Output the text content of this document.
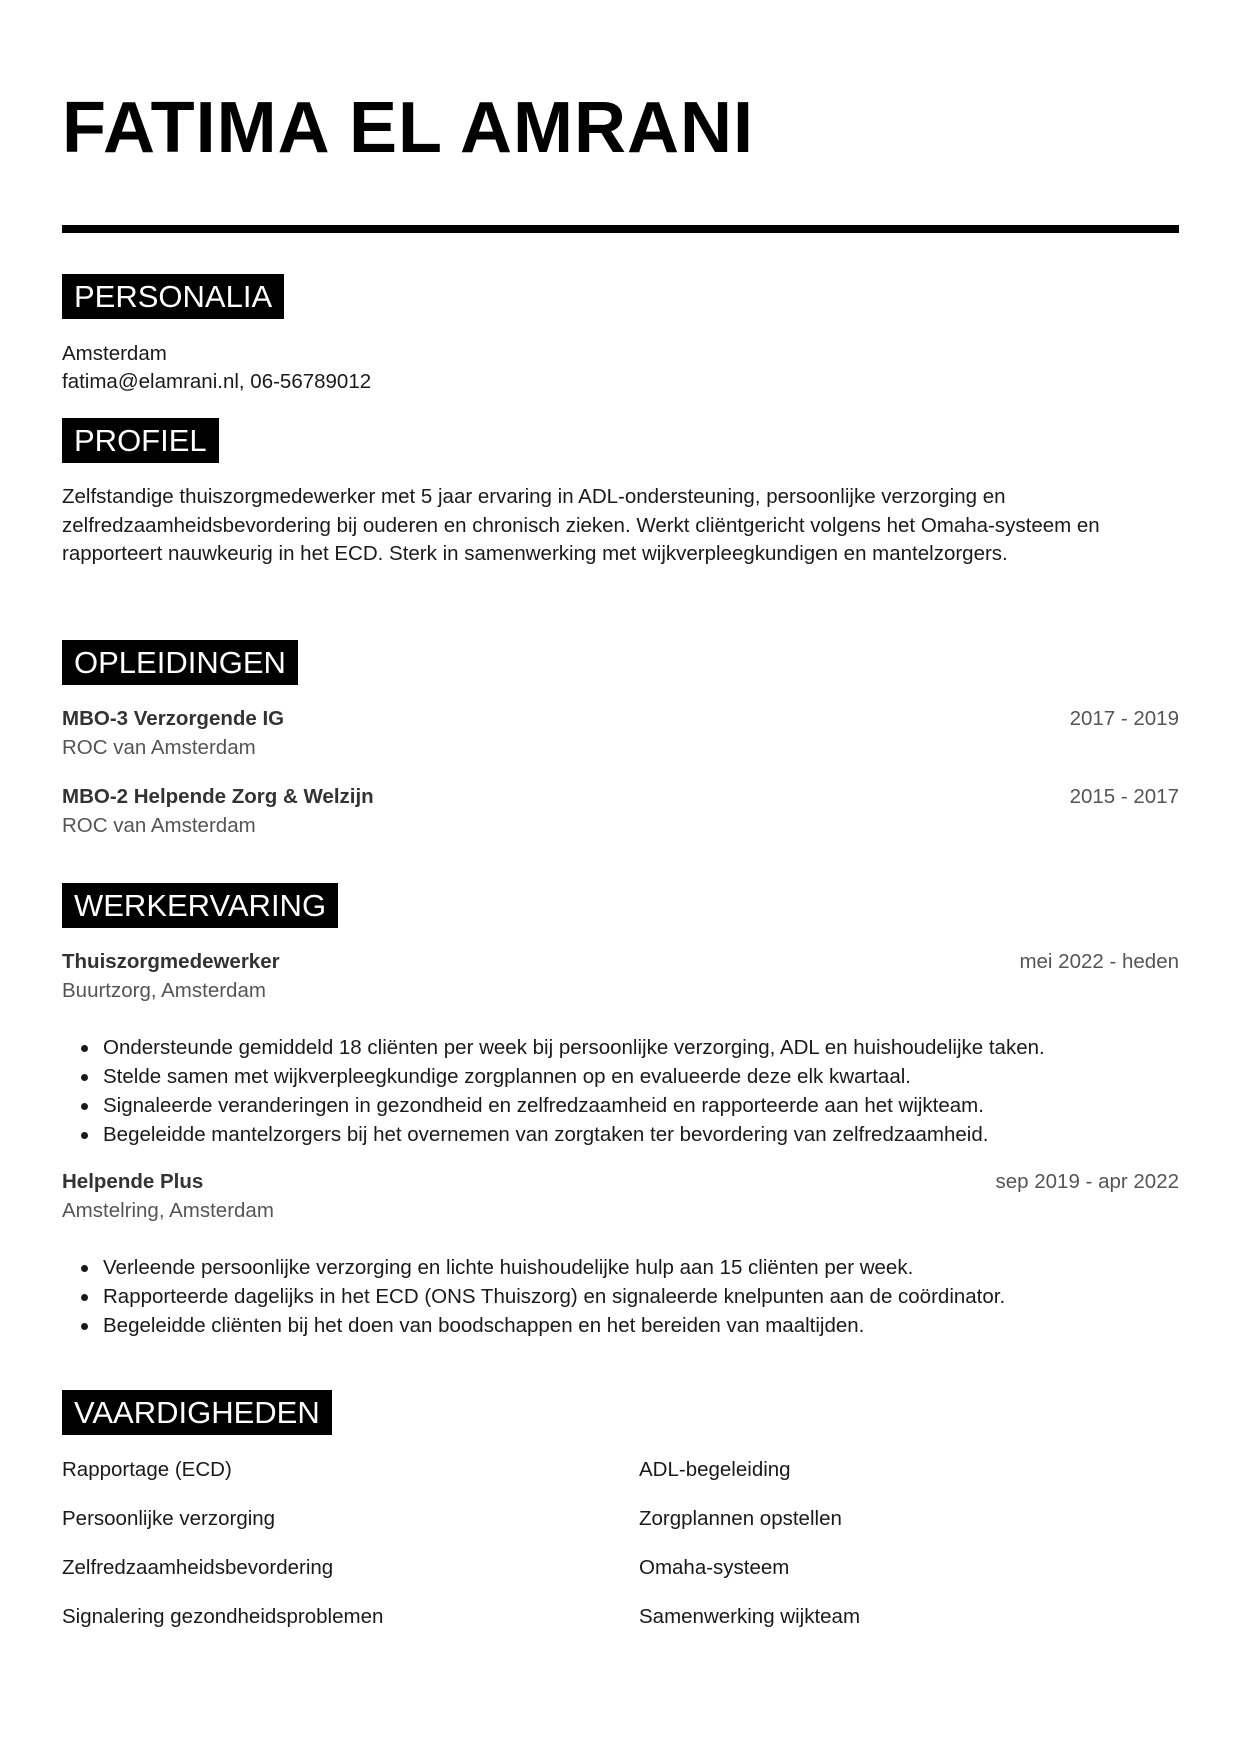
FATIMA EL AMRANI
PERSONALIA
Amsterdam
fatima@elamrani.nl, 06-56789012
PROFIEL
Zelfstandige thuiszorgmedewerker met 5 jaar ervaring in ADL-ondersteuning, persoonlijke verzorging en zelfredzaamheidsbevordering bij ouderen en chronisch zieken. Werkt cliëntgericht volgens het Omaha-systeem en rapporteert nauwkeurig in het ECD. Sterk in samenwerking met wijkverpleegkundigen en mantelzorgers.
OPLEIDINGEN
MBO-3 Verzorgende IG
ROC van Amsterdam
2017 - 2019
MBO-2 Helpende Zorg & Welzijn
ROC van Amsterdam
2015 - 2017
WERKERVARING
Thuiszorgmedewerker
Buurtzorg, Amsterdam
mei 2022 - heden
Ondersteunde gemiddeld 18 cliënten per week bij persoonlijke verzorging, ADL en huishoudelijke taken.
Stelde samen met wijkverpleegkundige zorgplannen op en evalueerde deze elk kwartaal.
Signaleerde veranderingen in gezondheid en zelfredzaamheid en rapporteerde aan het wijkteam.
Begeleidde mantelzorgers bij het overnemen van zorgtaken ter bevordering van zelfredzaamheid.
Helpende Plus
Amstelring, Amsterdam
sep 2019 - apr 2022
Verleende persoonlijke verzorging en lichte huishoudelijke hulp aan 15 cliënten per week.
Rapporteerde dagelijks in het ECD (ONS Thuiszorg) en signaleerde knelpunten aan de coördinator.
Begeleidde cliënten bij het doen van boodschappen en het bereiden van maaltijden.
VAARDIGHEDEN
Rapportage (ECD)
Persoonlijke verzorging
Zelfredzaamheidsbevordering
Signalering gezondheidsproblemen
ADL-begeleiding
Zorgplannen opstellen
Omaha-systeem
Samenwerking wijkteam
